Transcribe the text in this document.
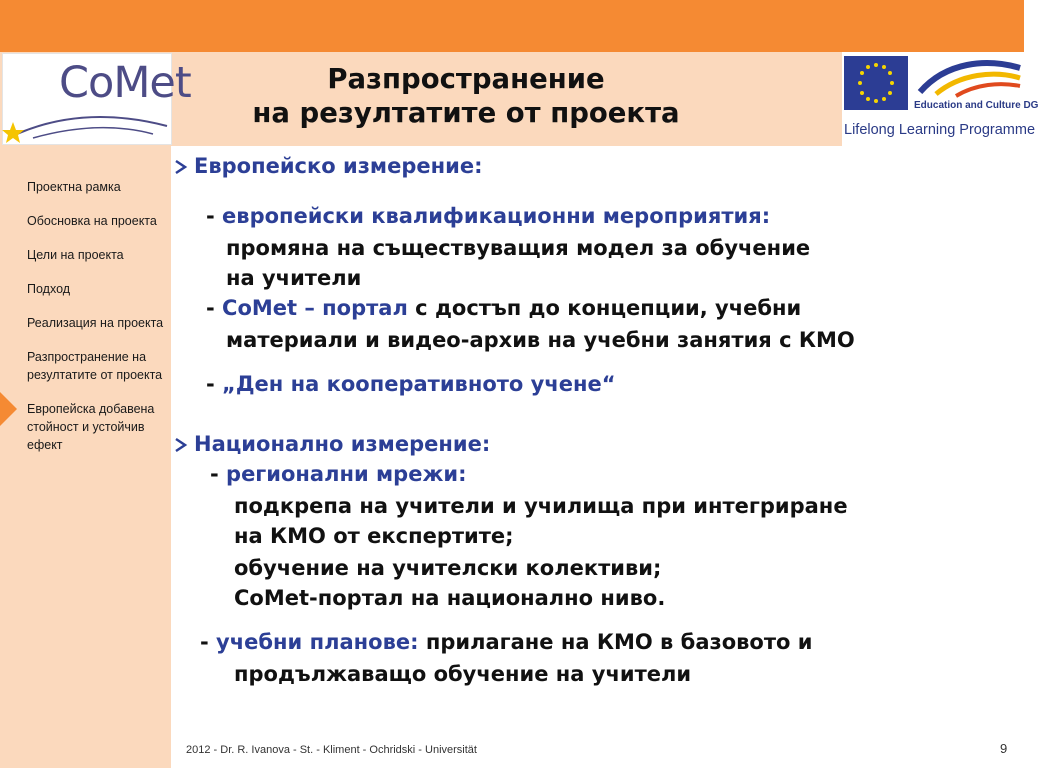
CoMet	Education and Culture DG
Lifelong Learning Programme
Разпространение
на резултатите от проекта
Проектна рамка
Обосновка на проекта
Цели на проекта
Подход
Реализация на проекта
Разпространение на резултатите от проекта
Европейска добавена стойност и устойчив ефект
Европейско измерение:
- европейски квалификационни мероприятия:
промяна на съществуващия модел за обучение
на учители
- CoMet – портал с достъп до концепции, учебни
материали и видео-архив на учебни занятия с КМО
- „Ден на кооперативното учене“
Национално измерение:
- регионални мрежи:
подкрепа на учители и училища при интегриране
на КМО от експертите;
обучение на учителски колективи;
CoMet-портал на национално ниво.
- учебни планове: прилагане на КМО в базовото и
продължаващо обучение на учители
2012 - Dr. R. Ivanova - St. - Kliment - Ochridski - Universität	9
